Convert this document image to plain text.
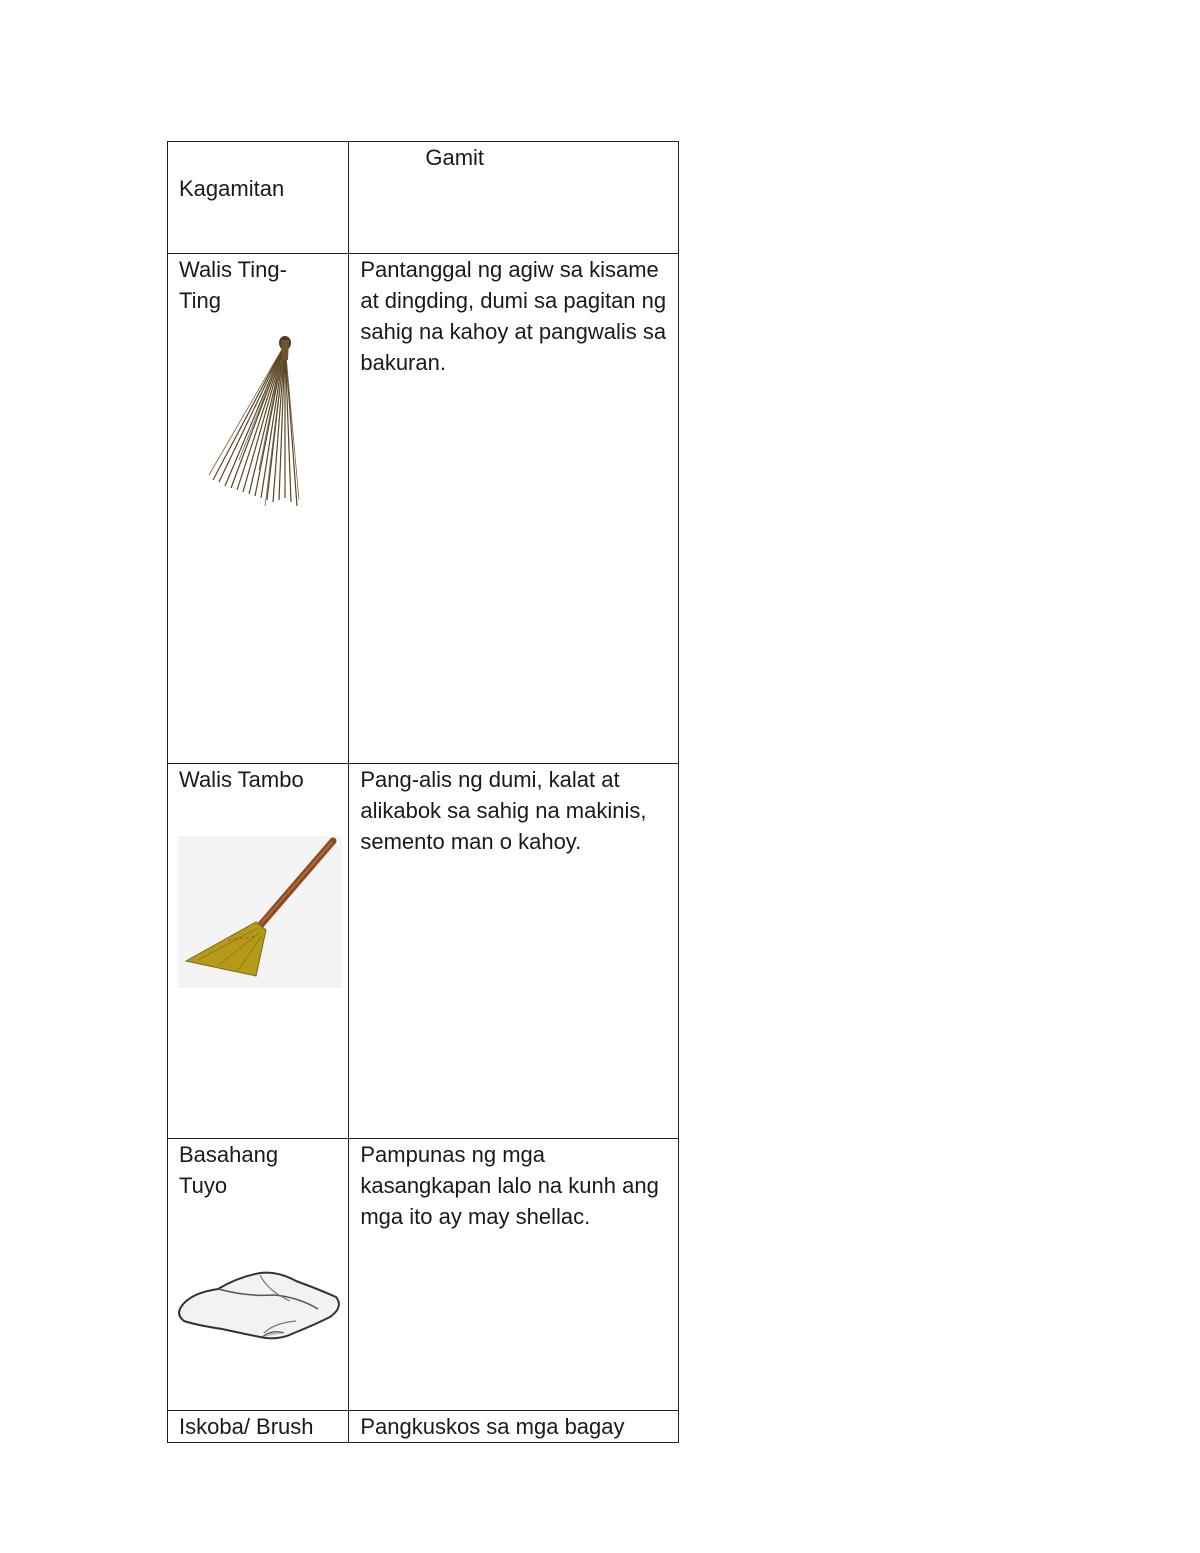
Kagamitan	Gamit

Walis Ting-
Ting	Pantanggal ng agiw sa kisame at dingding, dumi sa pagitan ng sahig na kahoy at pangwalis sa bakuran.

Walis Tambo	Pang-alis ng dumi, kalat at alikabok sa sahig na makinis, semento man o kahoy.

Basahang
Tuyo	Pampunas ng mga kasangkapan lalo na kunh ang mga ito ay may shellac.

Iskoba/ Brush	Pangkuskos sa mga bagay
